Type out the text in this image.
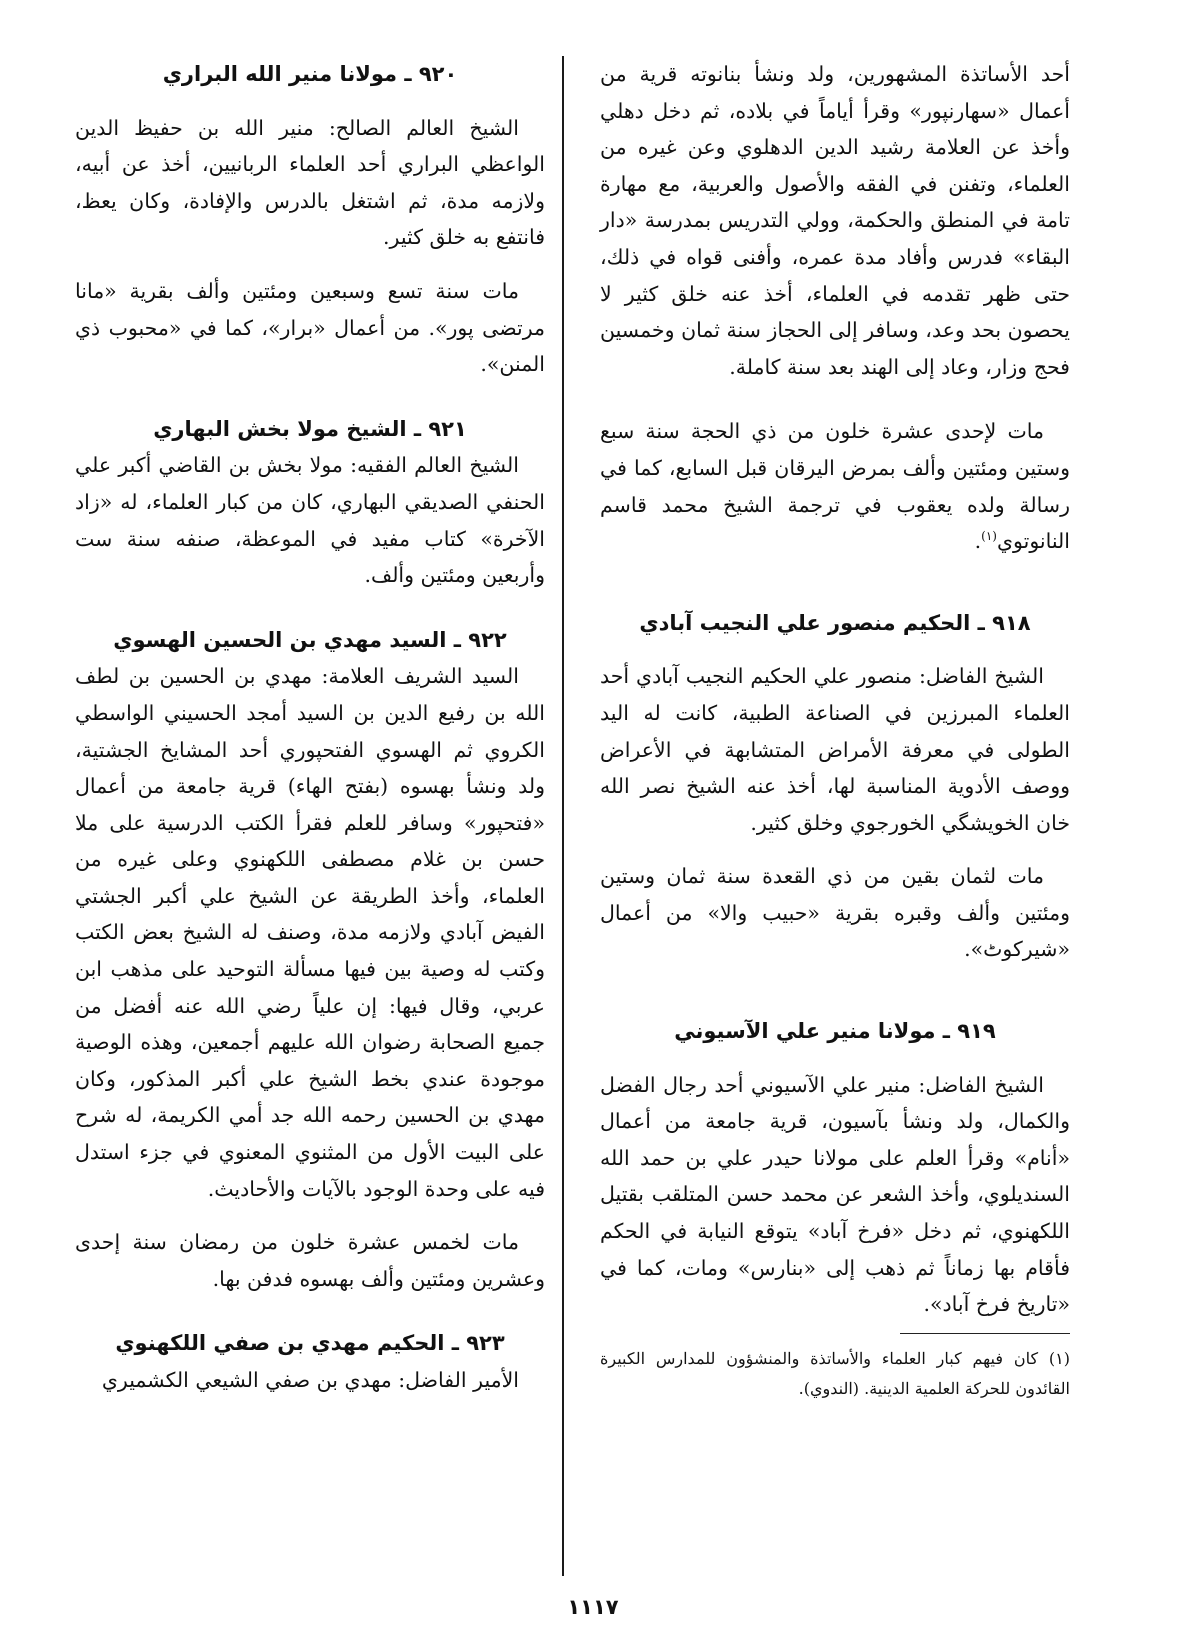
أحد الأساتذة المشهورين، ولد ونشأ بنانوته قرية من أعمال «سهارنپور» وقرأ أياماً في بلاده، ثم دخل دهلي وأخذ عن العلامة رشيد الدين الدهلوي وعن غيره من العلماء، وتفنن في الفقه والأصول والعربية، مع مهارة تامة في المنطق والحكمة، وولي التدريس بمدرسة «دار البقاء» فدرس وأفاد مدة عمره، وأفنى قواه في ذلك، حتى ظهر تقدمه في العلماء، أخذ عنه خلق كثير لا يحصون بحد وعد، وسافر إلى الحجاز سنة ثمان وخمسين فحج وزار، وعاد إلى الهند بعد سنة كاملة.

مات لإحدى عشرة خلون من ذي الحجة سنة سبع وستين ومئتين وألف بمرض اليرقان قبل السابع، كما في رسالة ولده يعقوب في ترجمة الشيخ محمد قاسم النانوتوي$^{(١)}$.

٩١٨ ـ الحكيم منصور علي النجيب آبادي

الشيخ الفاضل: منصور علي الحكيم النجيب آبادي أحد العلماء المبرزين في الصناعة الطبية، كانت له اليد الطولى في معرفة الأمراض المتشابهة في الأعراض ووصف الأدوية المناسبة لها، أخذ عنه الشيخ نصر الله خان الخويشگي الخورجوي وخلق كثير.

مات لثمان بقين من ذي القعدة سنة ثمان وستين ومئتين وألف وقبره بقرية «حبيب والا» من أعمال «شيركوٹ».

٩١٩ ـ مولانا منير علي الآسيوني

الشيخ الفاضل: منير علي الآسيوني أحد رجال الفضل والكمال، ولد ونشأ بآسيون، قرية جامعة من أعمال «أنام» وقرأ العلم على مولانا حيدر علي بن حمد الله السنديلوي، وأخذ الشعر عن محمد حسن المتلقب بقتيل اللكهنوي، ثم دخل «فرخ آباد» يتوقع النيابة في الحكم فأقام بها زماناً ثم ذهب إلى «بنارس» ومات، كما في «تاريخ فرخ آباد».

(١) كان فيهم كبار العلماء والأساتذة والمنشؤون للمدارس الكبيرة القائدون للحركة العلمية الدينية. (الندوي).

٩٢٠ ـ مولانا منير الله البراري

الشيخ العالم الصالح: منير الله بن حفيظ الدين الواعظي البراري أحد العلماء الربانيين، أخذ عن أبيه، ولازمه مدة، ثم اشتغل بالدرس والإفادة، وكان يعظ، فانتفع به خلق كثير.

مات سنة تسع وسبعين ومئتين وألف بقرية «مانا مرتضى پور». من أعمال «برار»، كما في «محبوب ذي المنن».

٩٢١ ـ الشيخ مولا بخش البهاري

الشيخ العالم الفقيه: مولا بخش بن القاضي أكبر علي الحنفي الصديقي البهاري، كان من كبار العلماء، له «زاد الآخرة» كتاب مفيد في الموعظة، صنفه سنة ست وأربعين ومئتين وألف.

٩٢٢ ـ السيد مهدي بن الحسين الهسوي

السيد الشريف العلامة: مهدي بن الحسين بن لطف الله بن رفيع الدين بن السيد أمجد الحسيني الواسطي الكروي ثم الهسوي الفتحپوري أحد المشايخ الجشتية، ولد ونشأ بهسوه (بفتح الهاء) قرية جامعة من أعمال «فتحپور» وسافر للعلم فقرأ الكتب الدرسية على ملا حسن بن غلام مصطفى اللكهنوي وعلى غيره من العلماء، وأخذ الطريقة عن الشيخ علي أكبر الجشتي الفيض آبادي ولازمه مدة، وصنف له الشيخ بعض الكتب وكتب له وصية بين فيها مسألة التوحيد على مذهب ابن عربي، وقال فيها: إن علياً رضي الله عنه أفضل من جميع الصحابة رضوان الله عليهم أجمعين، وهذه الوصية موجودة عندي بخط الشيخ علي أكبر المذكور، وكان مهدي بن الحسين رحمه الله جد أمي الكريمة، له شرح على البيت الأول من المثنوي المعنوي في جزء استدل فيه على وحدة الوجود بالآيات والأحاديث.

مات لخمس عشرة خلون من رمضان سنة إحدى وعشرين ومئتين وألف بهسوه فدفن بها.

٩٢٣ ـ الحكيم مهدي بن صفي اللكهنوي

الأمير الفاضل: مهدي بن صفي الشيعي الكشميري

١١١٧
